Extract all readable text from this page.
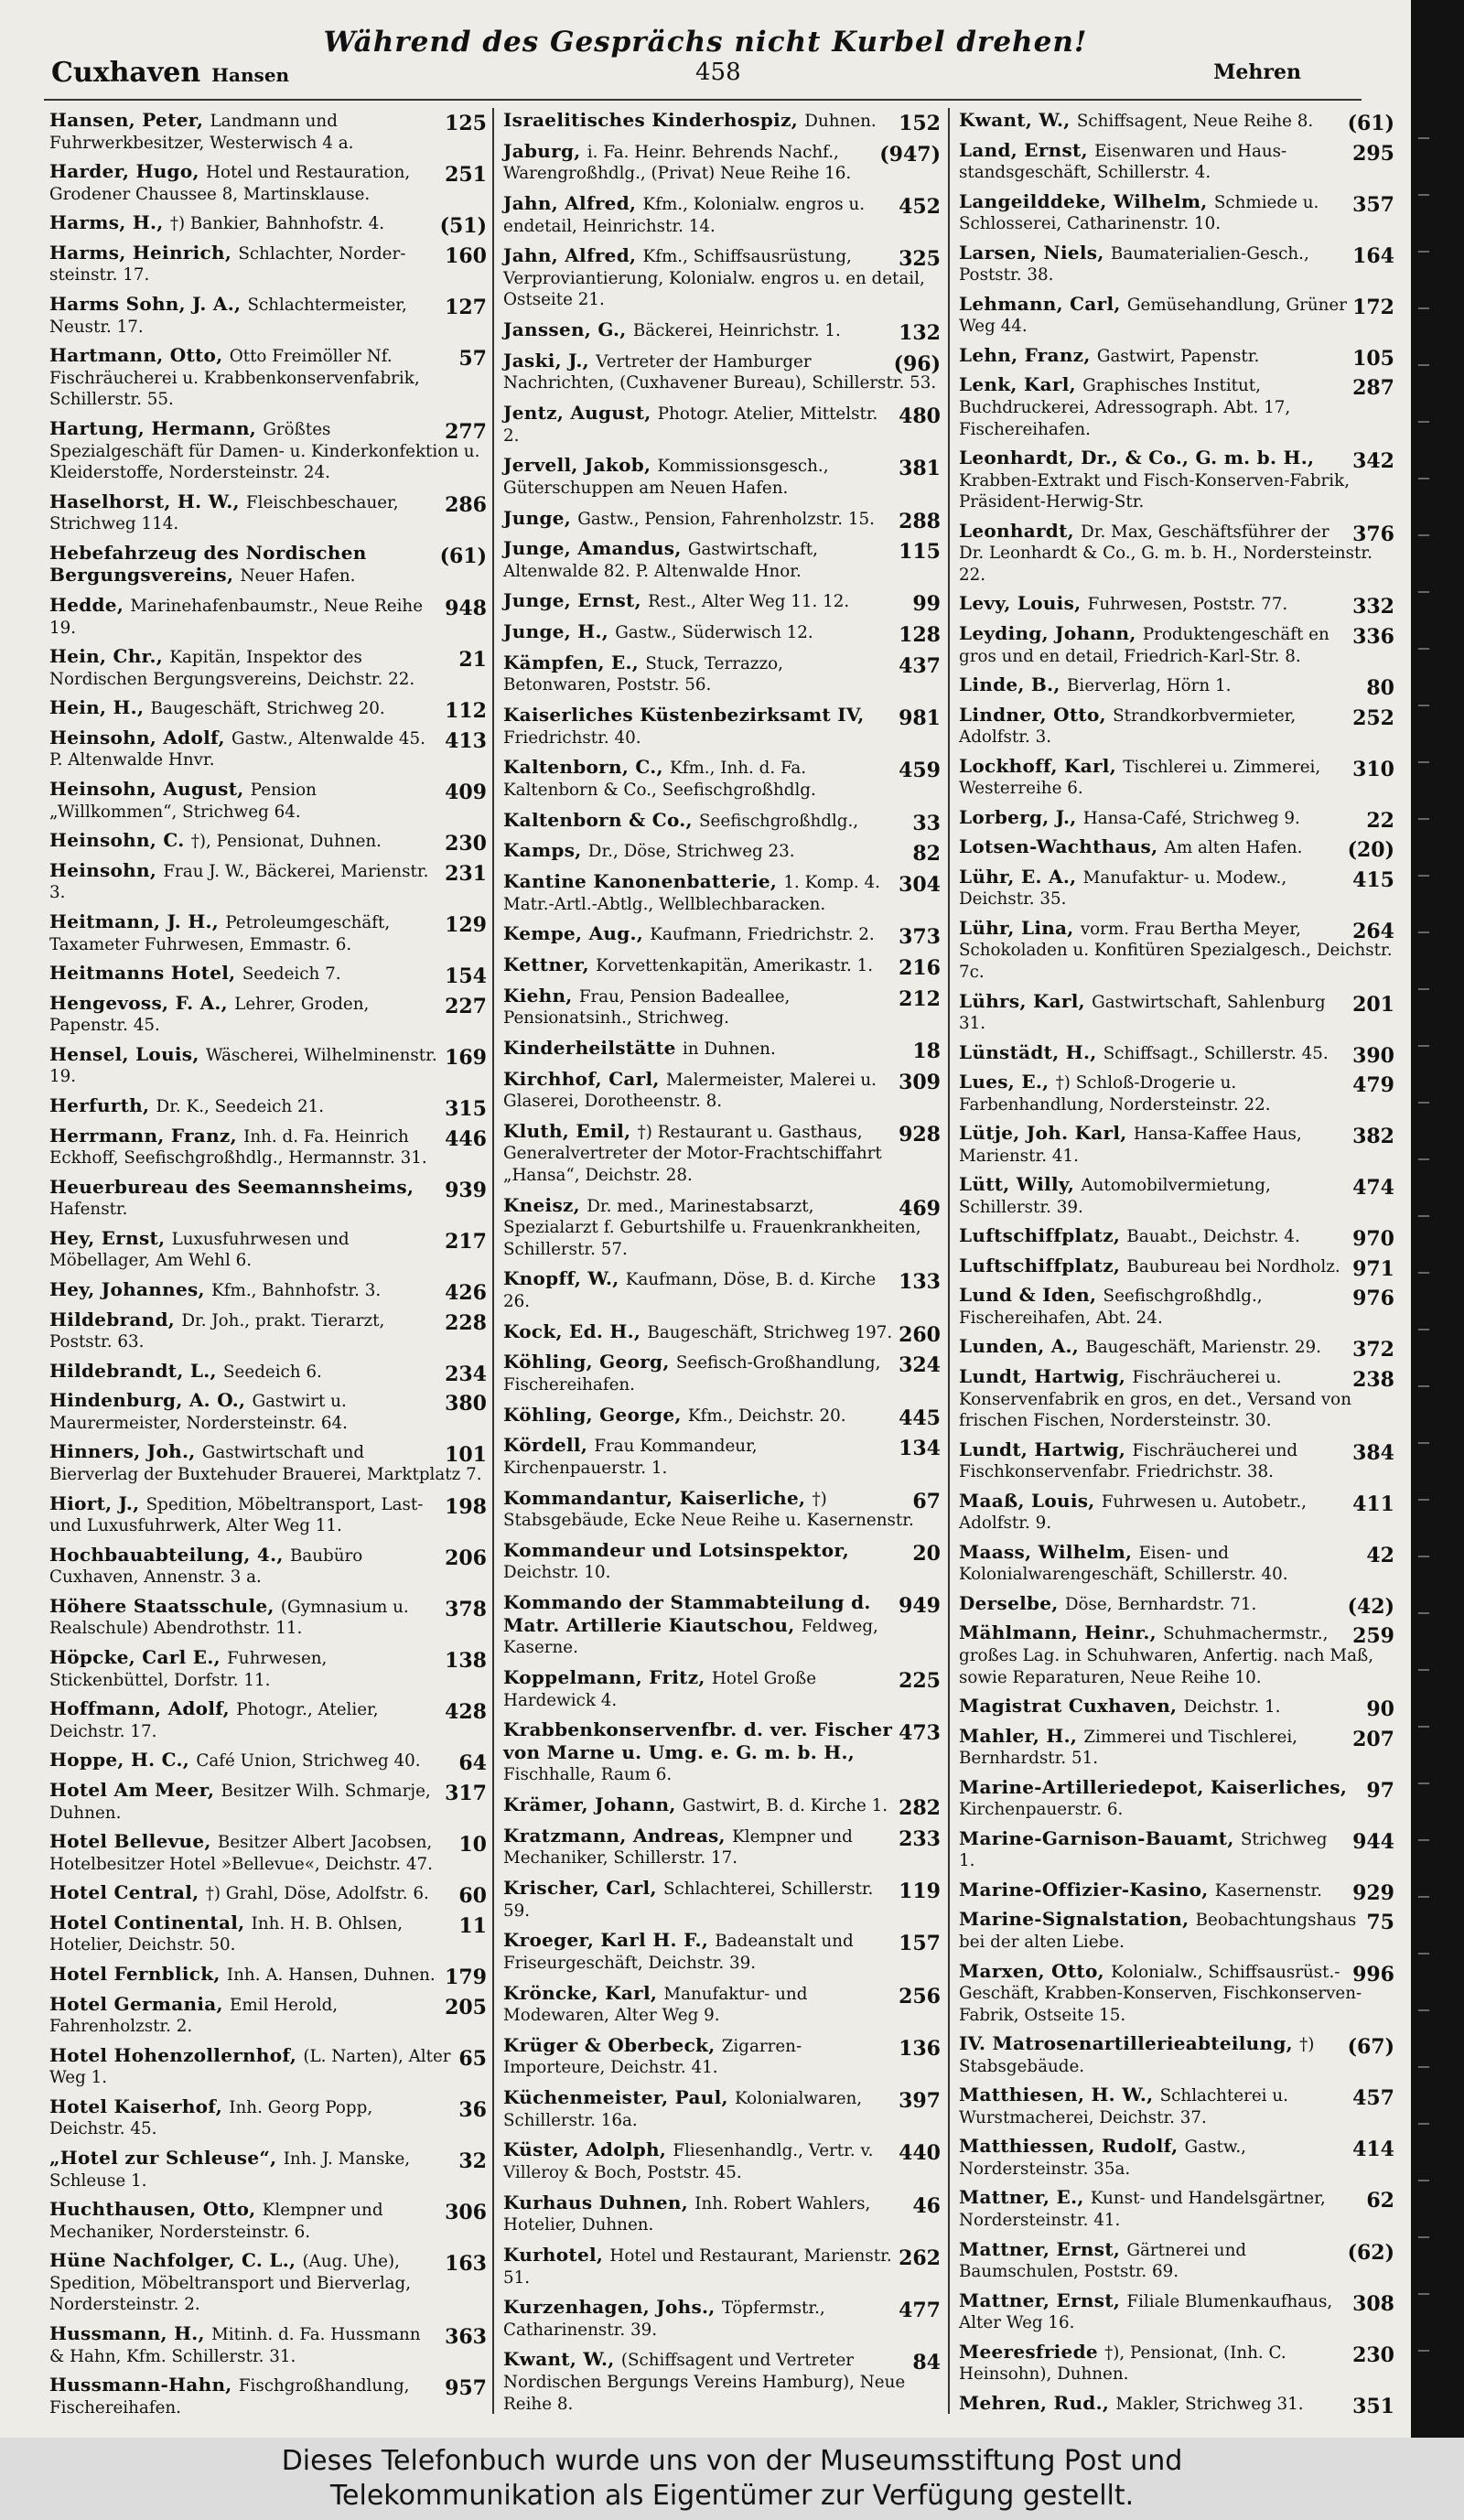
Während des Gesprächs nicht Kurbel drehen!
Cuxhaven Hansen	458	Mehren
125
Hansen, Peter, Landmann und Fuhrwerkbesitzer, Westerwisch 4 a.
251
Harder, Hugo, Hotel und Restauration, Grodener Chaussee 8, Martinsklause.
(51)
Harms, H., †) Bankier, Bahnhofstr. 4.
160
Harms, Heinrich, Schlachter, Norder-steinstr. 17.
127
Harms Sohn, J. A., Schlachtermeister, Neustr. 17.
57
Hartmann, Otto, Otto Freimöller Nf. Fischräucherei u. Krabbenkonservenfabrik, Schillerstr. 55.
277
Hartung, Hermann, Größtes Spezialgeschäft für Damen- u. Kinderkonfektion u. Kleiderstoffe, Nordersteinstr. 24.
286
Haselhorst, H. W., Fleischbeschauer, Strichweg 114.
(61)
Hebefahrzeug des Nordischen Bergungsvereins, Neuer Hafen.
948
Hedde, Marinehafenbaumstr., Neue Reihe 19.
21
Hein, Chr., Kapitän, Inspektor des Nordischen Bergungsvereins, Deichstr. 22.
112
Hein, H., Baugeschäft, Strichweg 20.
413
Heinsohn, Adolf, Gastw., Altenwalde 45. P. Altenwalde Hnvr.
409
Heinsohn, August, Pension „Willkommen“, Strichweg 64.
230
Heinsohn, C. †), Pensionat, Duhnen.
231
Heinsohn, Frau J. W., Bäckerei, Marienstr. 3.
129
Heitmann, J. H., Petroleumgeschäft, Taxameter Fuhrwesen, Emmastr. 6.
154
Heitmanns Hotel, Seedeich 7.
227
Hengevoss, F. A., Lehrer, Groden, Papenstr. 45.
169
Hensel, Louis, Wäscherei, Wilhelminenstr. 19.
315
Herfurth, Dr. K., Seedeich 21.
446
Herrmann, Franz, Inh. d. Fa. Heinrich Eckhoff, Seefischgroßhdlg., Hermannstr. 31.
939
Heuerbureau des Seemannsheims, Hafenstr.
217
Hey, Ernst, Luxusfuhrwesen und Möbellager, Am Wehl 6.
426
Hey, Johannes, Kfm., Bahnhofstr. 3.
228
Hildebrand, Dr. Joh., prakt. Tierarzt, Poststr. 63.
234
Hildebrandt, L., Seedeich 6.
380
Hindenburg, A. O., Gastwirt u. Maurermeister, Nordersteinstr. 64.
101
Hinners, Joh., Gastwirtschaft und Bierverlag der Buxtehuder Brauerei, Marktplatz 7.
198
Hiort, J., Spedition, Möbeltransport, Last- und Luxusfuhrwerk, Alter Weg 11.
206
Hochbauabteilung, 4., Baubüro Cuxhaven, Annenstr. 3 a.
378
Höhere Staatsschule, (Gymnasium u. Realschule) Abendrothstr. 11.
138
Höpcke, Carl E., Fuhrwesen, Stickenbüttel, Dorfstr. 11.
428
Hoffmann, Adolf, Photogr., Atelier, Deichstr. 17.
64
Hoppe, H. C., Café Union, Strichweg 40.
317
Hotel Am Meer, Besitzer Wilh. Schmarje, Duhnen.
10
Hotel Bellevue, Besitzer Albert Jacobsen, Hotelbesitzer Hotel »Bellevue«, Deichstr. 47.
60
Hotel Central, †) Grahl, Döse, Adolfstr. 6.
11
Hotel Continental, Inh. H. B. Ohlsen, Hotelier, Deichstr. 50.
179
Hotel Fernblick, Inh. A. Hansen, Duhnen.
205
Hotel Germania, Emil Herold, Fahrenholzstr. 2.
65
Hotel Hohenzollernhof, (L. Narten), Alter Weg 1.
36
Hotel Kaiserhof, Inh. Georg Popp, Deichstr. 45.
32
„Hotel zur Schleuse“, Inh. J. Manske, Schleuse 1.
306
Huchthausen, Otto, Klempner und Mechaniker, Nordersteinstr. 6.
163
Hüne Nachfolger, C. L., (Aug. Uhe), Spedition, Möbeltransport und Bierverlag, Nordersteinstr. 2.
363
Hussmann, H., Mitinh. d. Fa. Hussmann & Hahn, Kfm. Schillerstr. 31.
957
Hussmann-Hahn, Fischgroßhandlung, Fischereihafen.
152
Israelitisches Kinderhospiz, Duhnen.
(947)
Jaburg, i. Fa. Heinr. Behrends Nachf., Warengroßhdlg., (Privat) Neue Reihe 16.
452
Jahn, Alfred, Kfm., Kolonialw. engros u. endetail, Heinrichstr. 14.
325
Jahn, Alfred, Kfm., Schiffsausrüstung, Verproviantierung, Kolonialw. engros u. en detail, Ostseite 21.
132
Janssen, G., Bäckerei, Heinrichstr. 1.
(96)
Jaski, J., Vertreter der Hamburger Nachrichten, (Cuxhavener Bureau), Schillerstr. 53.
480
Jentz, August, Photogr. Atelier, Mittelstr. 2.
381
Jervell, Jakob, Kommissionsgesch., Güterschuppen am Neuen Hafen.
288
Junge, Gastw., Pension, Fahrenholzstr. 15.
115
Junge, Amandus, Gastwirtschaft, Altenwalde 82. P. Altenwalde Hnor.
99
Junge, Ernst, Rest., Alter Weg 11. 12.
128
Junge, H., Gastw., Süderwisch 12.
437
Kämpfen, E., Stuck, Terrazzo, Betonwaren, Poststr. 56.
981
Kaiserliches Küstenbezirksamt IV, Friedrichstr. 40.
459
Kaltenborn, C., Kfm., Inh. d. Fa. Kaltenborn & Co., Seefischgroßhdlg.
33
Kaltenborn & Co., Seefischgroßhdlg.,
82
Kamps, Dr., Döse, Strichweg 23.
304
Kantine Kanonenbatterie, 1. Komp. 4. Matr.-Artl.-Abtlg., Wellblechbaracken.
373
Kempe, Aug., Kaufmann, Friedrichstr. 2.
216
Kettner, Korvettenkapitän, Amerikastr. 1.
212
Kiehn, Frau, Pension Badeallee, Pensionatsinh., Strichweg.
18
Kinderheilstätte in Duhnen.
309
Kirchhof, Carl, Malermeister, Malerei u. Glaserei, Dorotheenstr. 8.
928
Kluth, Emil, †) Restaurant u. Gasthaus, Generalvertreter der Motor-Frachtschiffahrt „Hansa“, Deichstr. 28.
469
Kneisz, Dr. med., Marinestabsarzt, Spezialarzt f. Geburtshilfe u. Frauenkrankheiten, Schillerstr. 57.
133
Knopff, W., Kaufmann, Döse, B. d. Kirche 26.
260
Kock, Ed. H., Baugeschäft, Strichweg 197.
324
Köhling, Georg, Seefisch-Großhandlung, Fischereihafen.
445
Köhling, George, Kfm., Deichstr. 20.
134
Kördell, Frau Kommandeur, Kirchenpauerstr. 1.
67
Kommandantur, Kaiserliche, †) Stabsgebäude, Ecke Neue Reihe u. Kasernenstr.
20
Kommandeur und Lotsinspektor, Deichstr. 10.
949
Kommando der Stammabteilung d. Matr. Artillerie Kiautschou, Feldweg, Kaserne.
225
Koppelmann, Fritz, Hotel Große Hardewick 4.
473
Krabbenkonservenfbr. d. ver. Fischer von Marne u. Umg. e. G. m. b. H., Fischhalle, Raum 6.
282
Krämer, Johann, Gastwirt, B. d. Kirche 1.
233
Kratzmann, Andreas, Klempner und Mechaniker, Schillerstr. 17.
119
Krischer, Carl, Schlachterei, Schillerstr. 59.
157
Kroeger, Karl H. F., Badeanstalt und Friseurgeschäft, Deichstr. 39.
256
Kröncke, Karl, Manufaktur- und Modewaren, Alter Weg 9.
136
Krüger & Oberbeck, Zigarren-Importeure, Deichstr. 41.
397
Küchenmeister, Paul, Kolonialwaren, Schillerstr. 16a.
440
Küster, Adolph, Fliesenhandlg., Vertr. v. Villeroy & Boch, Poststr. 45.
46
Kurhaus Duhnen, Inh. Robert Wahlers, Hotelier, Duhnen.
262
Kurhotel, Hotel und Restaurant, Marienstr. 51.
477
Kurzenhagen, Johs., Töpfermstr., Catharinenstr. 39.
84
Kwant, W., (Schiffsagent und Vertreter Nordischen Bergungs Vereins Hamburg), Neue Reihe 8.
(61)
Kwant, W., Schiffsagent, Neue Reihe 8.
295
Land, Ernst, Eisenwaren und Haus-standsgeschäft, Schillerstr. 4.
357
Langeilddeke, Wilhelm, Schmiede u. Schlosserei, Catharinenstr. 10.
164
Larsen, Niels, Baumaterialien-Gesch., Poststr. 38.
172
Lehmann, Carl, Gemüsehandlung, Grüner Weg 44.
105
Lehn, Franz, Gastwirt, Papenstr.
287
Lenk, Karl, Graphisches Institut, Buchdruckerei, Adressograph. Abt. 17, Fischereihafen.
342
Leonhardt, Dr., & Co., G. m. b. H., Krabben-Extrakt und Fisch-Konserven-Fabrik, Präsident-Herwig-Str.
376
Leonhardt, Dr. Max, Geschäftsführer der Dr. Leonhardt & Co., G. m. b. H., Nordersteinstr. 22.
332
Levy, Louis, Fuhrwesen, Poststr. 77.
336
Leyding, Johann, Produktengeschäft en gros und en detail, Friedrich-Karl-Str. 8.
80
Linde, B., Bierverlag, Hörn 1.
252
Lindner, Otto, Strandkorbvermieter, Adolfstr. 3.
310
Lockhoff, Karl, Tischlerei u. Zimmerei, Westerreihe 6.
22
Lorberg, J., Hansa-Café, Strichweg 9.
(20)
Lotsen-Wachthaus, Am alten Hafen.
415
Lühr, E. A., Manufaktur- u. Modew., Deichstr. 35.
264
Lühr, Lina, vorm. Frau Bertha Meyer, Schokoladen u. Konfitüren Spezialgesch., Deichstr. 7c.
201
Lührs, Karl, Gastwirtschaft, Sahlenburg 31.
390
Lünstädt, H., Schiffsagt., Schillerstr. 45.
479
Lues, E., †) Schloß-Drogerie u. Farbenhandlung, Nordersteinstr. 22.
382
Lütje, Joh. Karl, Hansa-Kaffee Haus, Marienstr. 41.
474
Lütt, Willy, Automobilvermietung, Schillerstr. 39.
970
Luftschiffplatz, Bauabt., Deichstr. 4.
971
Luftschiffplatz, Baubureau bei Nordholz.
976
Lund & Iden, Seefischgroßhdlg., Fischereihafen, Abt. 24.
372
Lunden, A., Baugeschäft, Marienstr. 29.
238
Lundt, Hartwig, Fischräucherei u. Konservenfabrik en gros, en det., Versand von frischen Fischen, Nordersteinstr. 30.
384
Lundt, Hartwig, Fischräucherei und Fischkonservenfabr. Friedrichstr. 38.
411
Maaß, Louis, Fuhrwesen u. Autobetr., Adolfstr. 9.
42
Maass, Wilhelm, Eisen- und Kolonialwarengeschäft, Schillerstr. 40.
(42)
Derselbe, Döse, Bernhardstr. 71.
259
Mählmann, Heinr., Schuhmachermstr., großes Lag. in Schuhwaren, Anfertig. nach Maß, sowie Reparaturen, Neue Reihe 10.
90
Magistrat Cuxhaven, Deichstr. 1.
207
Mahler, H., Zimmerei und Tischlerei, Bernhardstr. 51.
97
Marine-Artilleriedepot, Kaiserliches, Kirchenpauerstr. 6.
944
Marine-Garnison-Bauamt, Strichweg 1.
929
Marine-Offizier-Kasino, Kasernenstr.
75
Marine-Signalstation, Beobachtungshaus bei der alten Liebe.
996
Marxen, Otto, Kolonialw., Schiffsausrüst.-Geschäft, Krabben-Konserven, Fischkonserven-Fabrik, Ostseite 15.
(67)
IV. Matrosenartillerieabteilung, †) Stabsgebäude.
457
Matthiesen, H. W., Schlachterei u. Wurstmacherei, Deichstr. 37.
414
Matthiessen, Rudolf, Gastw., Nordersteinstr. 35a.
62
Mattner, E., Kunst- und Handelsgärtner, Nordersteinstr. 41.
(62)
Mattner, Ernst, Gärtnerei und Baumschulen, Poststr. 69.
308
Mattner, Ernst, Filiale Blumenkaufhaus, Alter Weg 16.
230
Meeresfriede †), Pensionat, (Inh. C. Heinsohn), Duhnen.
351
Mehren, Rud., Makler, Strichweg 31.
Dieses Telefonbuch wurde uns von der Museumsstiftung Post und
Telekommunikation als Eigentümer zur Verfügung gestellt.
